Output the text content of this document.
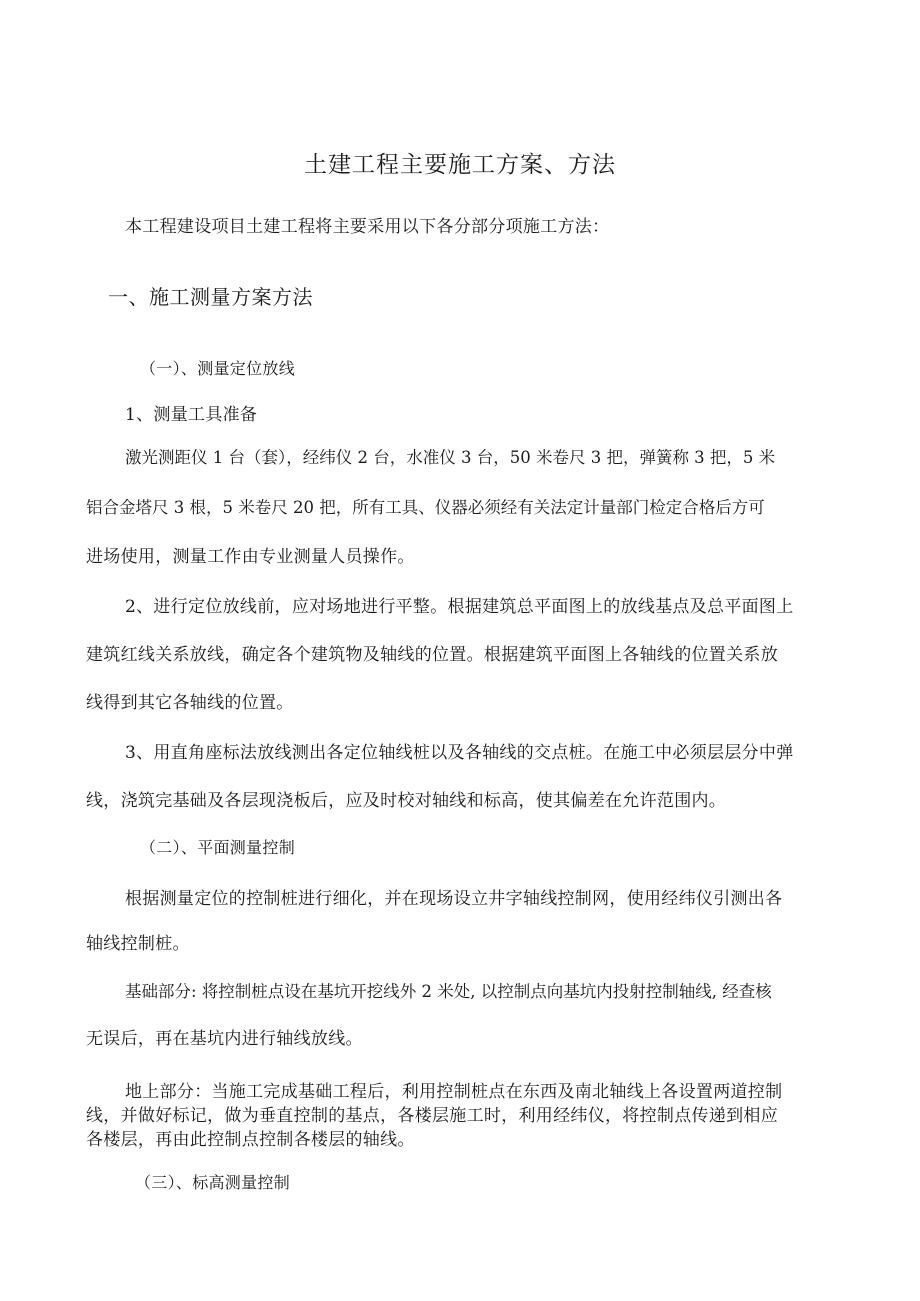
土建工程主要施工方案、方法
本工程建设项目土建工程将主要采用以下各分部分项施工方法：
一、施工测量方案方法
（一）、测量定位放线
1、测量工具准备
激光测距仪 1 台（套），经纬仪 2 台，水准仪 3 台，50 米卷尺 3 把，弹簧称 3 把，5 米
铝合金塔尺 3 根，5 米卷尺 20 把，所有工具、仪器必须经有关法定计量部门检定合格后方可
进场使用，测量工作由专业测量人员操作。
2、进行定位放线前，应对场地进行平整。根据建筑总平面图上的放线基点及总平面图上
建筑红线关系放线，确定各个建筑物及轴线的位置。根据建筑平面图上各轴线的位置关系放
线得到其它各轴线的位置。
3、用直角座标法放线测出各定位轴线桩以及各轴线的交点桩。在施工中必须层层分中弹
线，浇筑完基础及各层现浇板后，应及时校对轴线和标高，使其偏差在允许范围内。
（二）、平面测量控制
根据测量定位的控制桩进行细化，并在现场设立井字轴线控制网，使用经纬仪引测出各
轴线控制桩。
基础部分: 将控制桩点设在基坑开挖线外 2 米处, 以控制点向基坑内投射控制轴线, 经查核
无误后，再在基坑内进行轴线放线。
地上部分：当施工完成基础工程后，利用控制桩点在东西及南北轴线上各设置两道控制
线，并做好标记，做为垂直控制的基点，各楼层施工时，利用经纬仪，将控制点传递到相应
各楼层，再由此控制点控制各楼层的轴线。
（三）、标高测量控制
